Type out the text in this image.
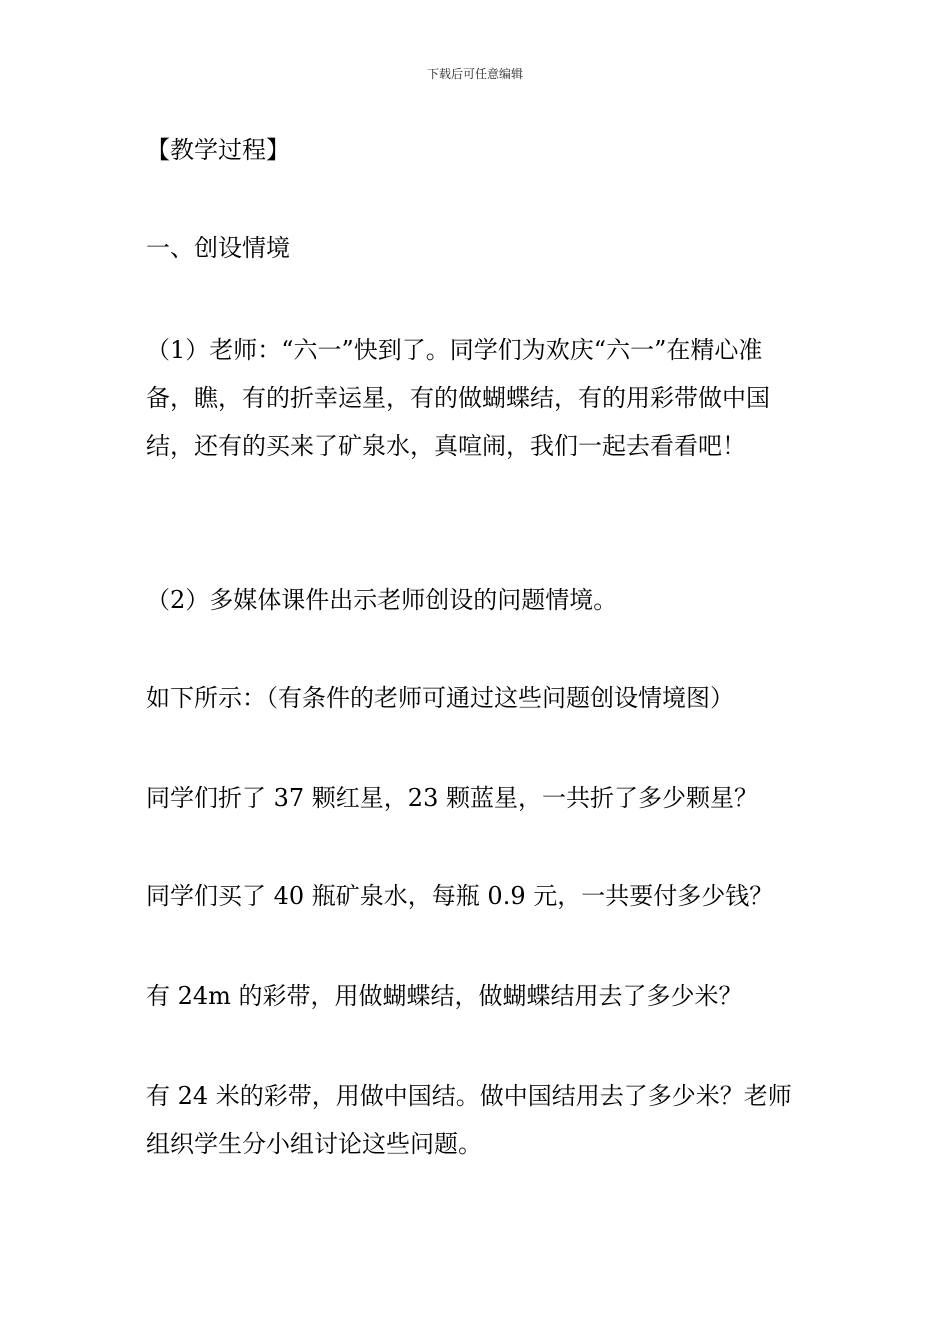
下载后可任意编辑

【教学过程】

一、创设情境

（1）老师：“六一”快到了。同学们为欢庆“六一”在精心准备，瞧，有的折幸运星，有的做蝴蝶结，有的用彩带做中国结，还有的买来了矿泉水，真喧闹，我们一起去看看吧！

（2）多媒体课件出示老师创设的问题情境。

如下所示：（有条件的老师可通过这些问题创设情境图）

同学们折了 37 颗红星，23 颗蓝星，一共折了多少颗星？

同学们买了 40 瓶矿泉水，每瓶 0.9 元，一共要付多少钱？

有 24m 的彩带，用做蝴蝶结，做蝴蝶结用去了多少米？

有 24 米的彩带，用做中国结。做中国结用去了多少米？老师组织学生分小组讨论这些问题。
